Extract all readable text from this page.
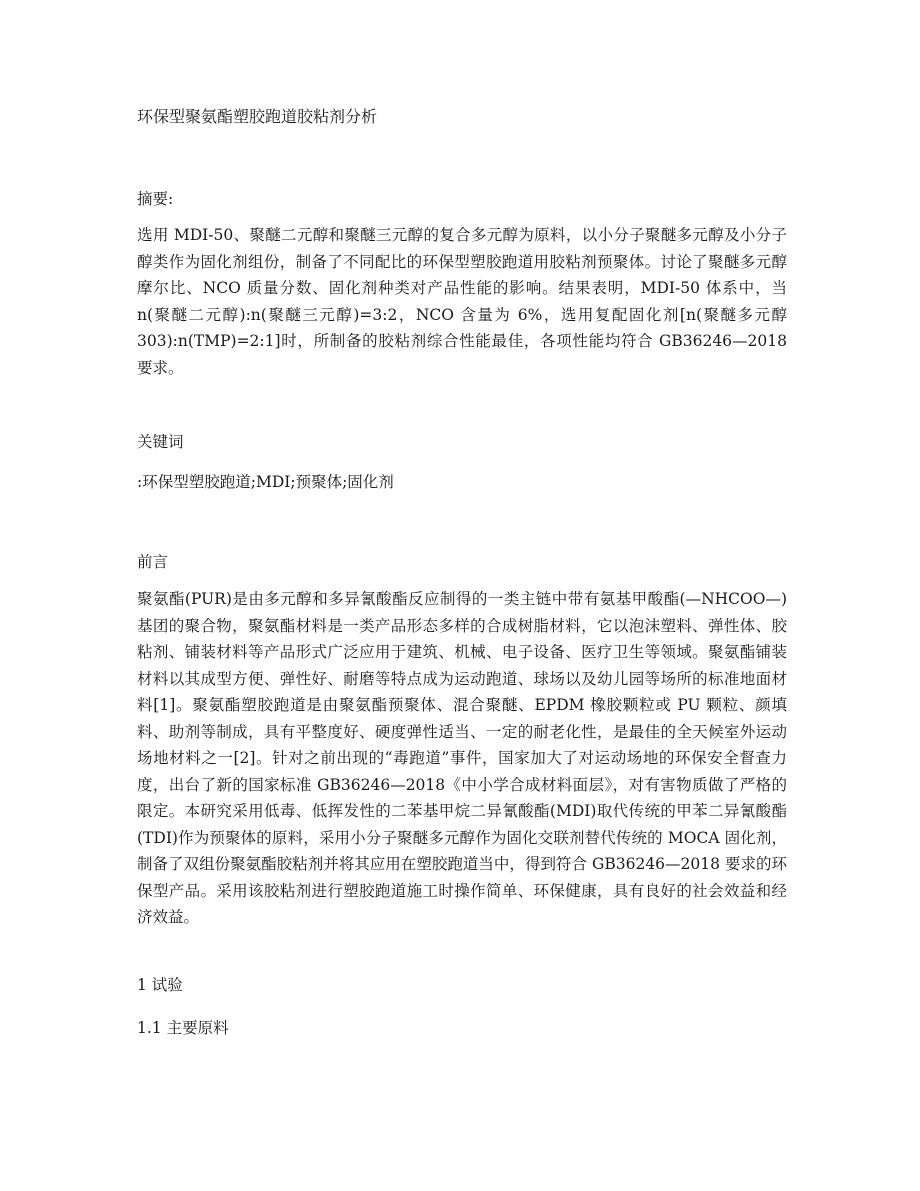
环保型聚氨酯塑胶跑道胶粘剂分析

摘要:

选用 MDI-50、聚醚二元醇和聚醚三元醇的复合多元醇为原料，以小分子聚醚多元醇及小分子醇类作为固化剂组份，制备了不同配比的环保型塑胶跑道用胶粘剂预聚体。讨论了聚醚多元醇摩尔比、NCO 质量分数、固化剂种类对产品性能的影响。结果表明，MDI-50 体系中，当 n(聚醚二元醇):n(聚醚三元醇)=3:2，NCO 含量为 6%，选用复配固化剂[n(聚醚多元醇 303):n(TMP)=2:1]时，所制备的胶粘剂综合性能最佳，各项性能均符合 GB36246—2018 要求。

关键词

:环保型塑胶跑道;MDI;预聚体;固化剂

前言

聚氨酯(PUR)是由多元醇和多异氰酸酯反应制得的一类主链中带有氨基甲酸酯(—NHCOO—)基团的聚合物，聚氨酯材料是一类产品形态多样的合成树脂材料，它以泡沫塑料、弹性体、胶粘剂、铺装材料等产品形式广泛应用于建筑、机械、电子设备、医疗卫生等领域。聚氨酯铺装材料以其成型方便、弹性好、耐磨等特点成为运动跑道、球场以及幼儿园等场所的标准地面材料[1]。聚氨酯塑胶跑道是由聚氨酯预聚体、混合聚醚、EPDM 橡胶颗粒或 PU 颗粒、颜填料、助剂等制成，具有平整度好、硬度弹性适当、一定的耐老化性，是最佳的全天候室外运动场地材料之一[2]。针对之前出现的“毒跑道”事件，国家加大了对运动场地的环保安全督查力度，出台了新的国家标准 GB36246—2018《中小学合成材料面层》，对有害物质做了严格的限定。本研究采用低毒、低挥发性的二苯基甲烷二异氰酸酯(MDI)取代传统的甲苯二异氰酸酯(TDI)作为预聚体的原料，采用小分子聚醚多元醇作为固化交联剂替代传统的 MOCA 固化剂，制备了双组份聚氨酯胶粘剂并将其应用在塑胶跑道当中，得到符合 GB36246—2018 要求的环保型产品。采用该胶粘剂进行塑胶跑道施工时操作简单、环保健康，具有良好的社会效益和经济效益。

1 试验

1.1 主要原料
